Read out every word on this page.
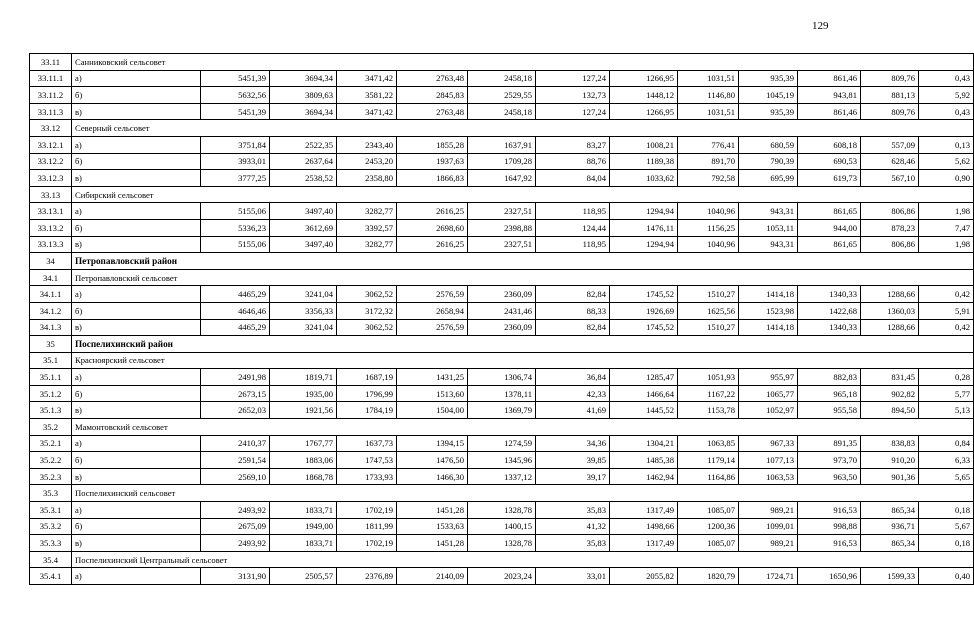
129
33.11	Санниковский сельсовет												
33.11.1	а)	5451,39	3694,34	3471,42	2763,48	2458,18	127,24	1266,95	1031,51	935,39	861,46	809,76	0,43
33.11.2	б)	5632,56	3809,63	3581,22	2845,83	2529,55	132,73	1448,12	1146,80	1045,19	943,81	881,13	5,92
33.11.3	в)	5451,39	3694,34	3471,42	2763,48	2458,18	127,24	1266,95	1031,51	935,39	861,46	809,76	0,43
33.12	Северный сельсовет												
33.12.1	а)	3751,84	2522,35	2343,40	1855,28	1637,91	83,27	1008,21	776,41	680,59	608,18	557,09	0,13
33.12.2	б)	3933,01	2637,64	2453,20	1937,63	1709,28	88,76	1189,38	891,70	790,39	690,53	628,46	5,62
33.12.3	в)	3777,25	2538,52	2358,80	1866,83	1647,92	84,04	1033,62	792,58	695,99	619,73	567,10	0,90
33.13	Сибирский сельсовет												
33.13.1	а)	5155,06	3497,40	3282,77	2616,25	2327,51	118,95	1294,94	1040,96	943,31	861,65	806,86	1,98
33.13.2	б)	5336,23	3612,69	3392,57	2698,60	2398,88	124,44	1476,11	1156,25	1053,11	944,00	878,23	7,47
33.13.3	в)	5155,06	3497,40	3282,77	2616,25	2327,51	118,95	1294,94	1040,96	943,31	861,65	806,86	1,98
34	Петропавловский район												
34.1	Петропавловский сельсовет												
34.1.1	а)	4465,29	3241,04	3062,52	2576,59	2360,09	82,84	1745,52	1510,27	1414,18	1340,33	1288,66	0,42
34.1.2	б)	4646,46	3356,33	3172,32	2658,94	2431,46	88,33	1926,69	1625,56	1523,98	1422,68	1360,03	5,91
34.1.3	в)	4465,29	3241,04	3062,52	2576,59	2360,09	82,84	1745,52	1510,27	1414,18	1340,33	1288,66	0,42
35	Поспелихинский район												
35.1	Красноярский сельсовет												
35.1.1	а)	2491,98	1819,71	1687,19	1431,25	1306,74	36,84	1285,47	1051,93	955,97	882,83	831,45	0,28
35.1.2	б)	2673,15	1935,00	1796,99	1513,60	1378,11	42,33	1466,64	1167,22	1065,77	965,18	902,82	5,77
35.1.3	в)	2652,03	1921,56	1784,19	1504,00	1369,79	41,69	1445,52	1153,78	1052,97	955,58	894,50	5,13
35.2	Мамонтовский сельсовет												
35.2.1	а)	2410,37	1767,77	1637,73	1394,15	1274,59	34,36	1304,21	1063,85	967,33	891,35	838,83	0,84
35.2.2	б)	2591,54	1883,06	1747,53	1476,50	1345,96	39,85	1485,38	1179,14	1077,13	973,70	910,20	6,33
35.2.3	в)	2569,10	1868,78	1733,93	1466,30	1337,12	39,17	1462,94	1164,86	1063,53	963,50	901,36	5,65
35.3	Поспелихинский сельсовет												
35.3.1	а)	2493,92	1833,71	1702,19	1451,28	1328,78	35,83	1317,49	1085,07	989,21	916,53	865,34	0,18
35.3.2	б)	2675,09	1949,00	1811,99	1533,63	1400,15	41,32	1498,66	1200,36	1099,01	998,88	936,71	5,67
35.3.3	в)	2493,92	1833,71	1702,19	1451,28	1328,78	35,83	1317,49	1085,07	989,21	916,53	865,34	0,18
35.4	Поспелихинский Центральный сельсовет												
35.4.1	а)	3131,90	2505,57	2376,89	2140,09	2023,24	33,01	2055,82	1820,79	1724,71	1650,96	1599,33	0,40
